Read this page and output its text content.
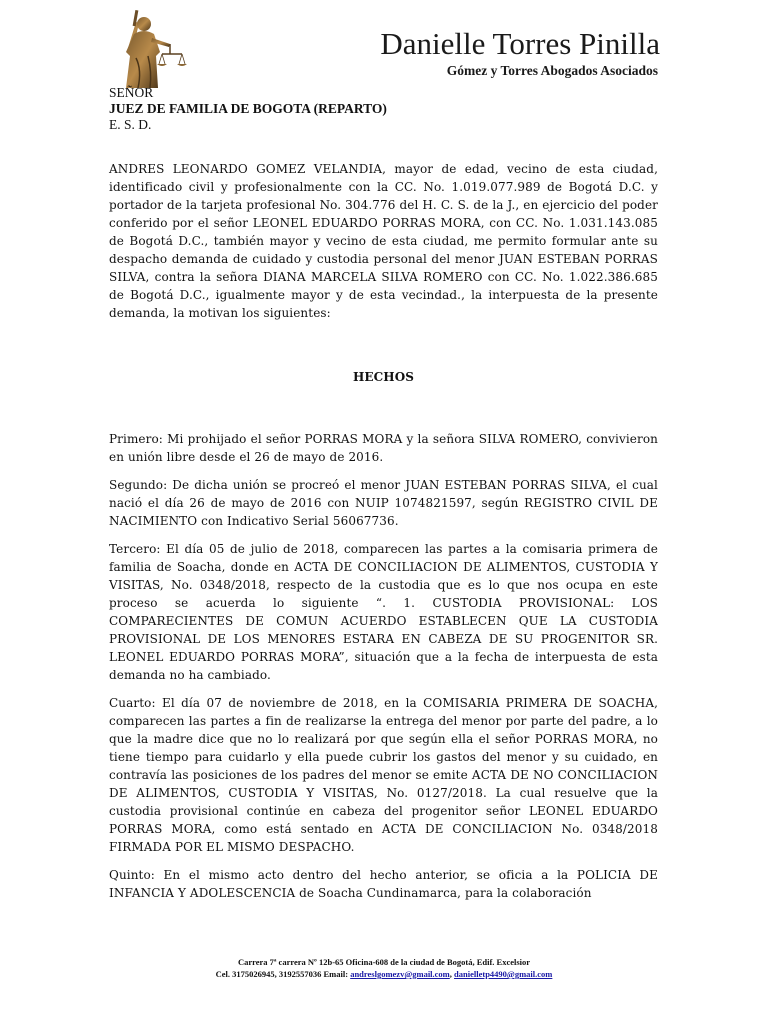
Danielle Torres Pinilla
Gómez y Torres Abogados Asociados
SEÑOR
JUEZ DE FAMILIA DE BOGOTA (REPARTO)
E. S. D.

ANDRES LEONARDO GOMEZ VELANDIA, mayor de edad, vecino de esta ciudad, identificado civil y profesionalmente con la CC. No. 1.019.077.989 de Bogotá D.C. y portador de la tarjeta profesional No. 304.776 del H. C. S. de la J., en ejercicio del poder conferido por el señor LEONEL EDUARDO PORRAS MORA, con CC. No. 1.031.143.085 de Bogotá D.C., también mayor y vecino de esta ciudad, me permito formular ante su despacho demanda de cuidado y custodia personal del menor JUAN ESTEBAN PORRAS SILVA, contra la señora DIANA MARCELA SILVA ROMERO con CC. No. 1.022.386.685 de Bogotá D.C., igualmente mayor y de esta vecindad., la interpuesta de la presente demanda, la motivan los siguientes:

HECHOS

Primero: Mi prohijado el señor PORRAS MORA y la señora SILVA ROMERO, convivieron en unión libre desde el 26 de mayo de 2016.

Segundo: De dicha unión se procreó el menor JUAN ESTEBAN PORRAS SILVA, el cual nació el día 26 de mayo de 2016 con NUIP 1074821597, según REGISTRO CIVIL DE NACIMIENTO con Indicativo Serial 56067736.

Tercero: El día 05 de julio de 2018, comparecen las partes a la comisaria primera de familia de Soacha, donde en ACTA DE CONCILIACION DE ALIMENTOS, CUSTODIA Y VISITAS, No. 0348/2018, respecto de la custodia que es lo que nos ocupa en este proceso se acuerda lo siguiente “. 1. CUSTODIA PROVISIONAL: LOS COMPARECIENTES DE COMUN ACUERDO ESTABLECEN QUE LA CUSTODIA PROVISIONAL DE LOS MENORES ESTARA EN CABEZA DE SU PROGENITOR SR. LEONEL EDUARDO PORRAS MORA”, situación que a la fecha de interpuesta de esta demanda no ha cambiado.

Cuarto: El día 07 de noviembre de 2018, en la COMISARIA PRIMERA DE SOACHA, comparecen las partes a fin de realizarse la entrega del menor por parte del padre, a lo que la madre dice que no lo realizará por que según ella el señor PORRAS MORA, no tiene tiempo para cuidarlo y ella puede cubrir los gastos del menor y su cuidado, en contravía las posiciones de los padres del menor se emite ACTA DE NO CONCILIACION DE ALIMENTOS, CUSTODIA Y VISITAS, No. 0127/2018. La cual resuelve que la custodia provisional continúe en cabeza del progenitor señor LEONEL EDUARDO PORRAS MORA, como está sentado en ACTA DE CONCILIACION No. 0348/2018 FIRMADA POR EL MISMO DESPACHO.

Quinto: En el mismo acto dentro del hecho anterior, se oficia a la POLICIA DE INFANCIA Y ADOLESCENCIA de Soacha Cundinamarca, para la colaboración

Carrera 7ª carrera Nº 12b-65 Oficina-608 de la ciudad de Bogotá, Edif. Excelsior
Cel. 3175026945, 3192557036 Email: andreslgomezv@gmail.com, danielletp4490@gmail.com
